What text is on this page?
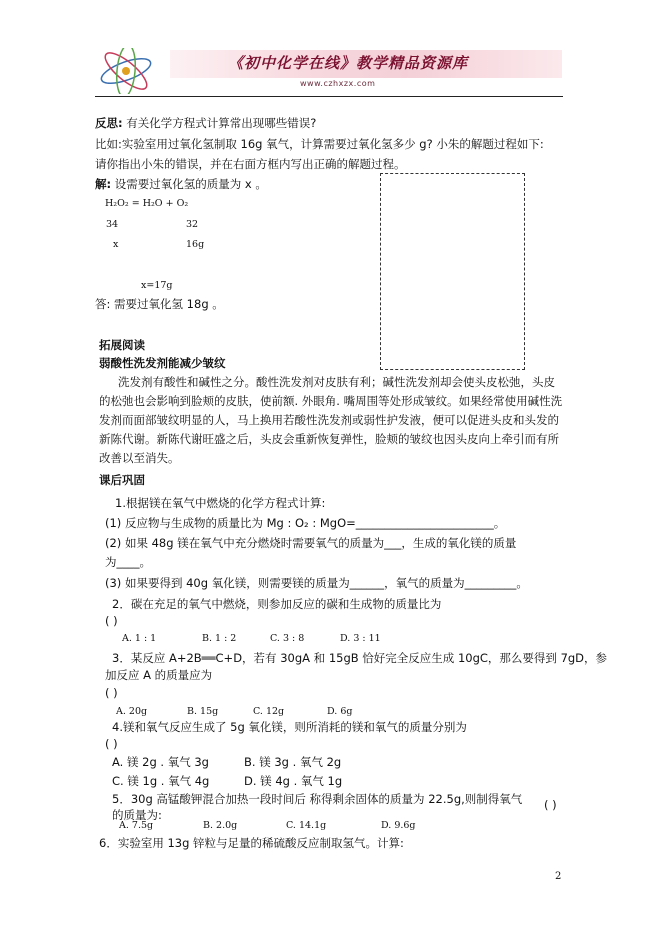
《初中化学在线》教学精品资源库
www.czhxzx.com
反思: 有关化学方程式计算常出现哪些错误?
比如:实验室用过氧化氢制取 16g 氧气，计算需要过氧化氢多少 g? 小朱的解题过程如下:
请你指出小朱的错误，并在右面方框内写出正确的解题过程。
解: 设需要过氧化氢的质量为 x 。
H₂O₂ = H₂O + O₂
34	32
x	16g
x=17g
答: 需要过氧化氢 18g 。
拓展阅读
弱酸性洗发剂能减少皱纹
洗发剂有酸性和碱性之分。酸性洗发剂对皮肤有利；碱性洗发剂却会使头皮松弛，头皮
的松弛也会影响到脸颊的皮肤，使前额. 外眼角. 嘴周围等处形成皱纹。如果经常使用碱性洗
发剂而面部皱纹明显的人，马上换用若酸性洗发剂或弱性护发液，便可以促进头皮和头发的
新陈代谢。新陈代谢旺盛之后，头皮会重新恢复弹性，脸颊的皱纹也因头皮向上牵引而有所
改善以至消失。
课后巩固
1.根据镁在氧气中燃烧的化学方程式计算:
(1) 反应物与生成物的质量比为 Mg : O₂ : MgO=________________________。
(2) 如果 48g 镁在氧气中充分燃烧时需要氧气的质量为___，生成的氧化镁的质量
为____。
(3) 如果要得到 40g 氧化镁，则需要镁的质量为______，氧气的质量为_________。
2．碳在充足的氧气中燃烧，则参加反应的碳和生成物的质量比为
( )
A. 1 : 1	B. 1 : 2	C. 3 : 8	D. 3 : 11
3．某反应 A+2B══C+D，若有 30gA 和 15gB 恰好完全反应生成 10gC，那么要得到 7gD，参
加反应 A 的质量应为
( )
A. 20g	B. 15g	C. 12g	D. 6g
4.镁和氧气反应生成了 5g 氧化镁，则所消耗的镁和氧气的质量分别为
( )
A. 镁 2g . 氧气 3g	B. 镁 3g . 氧气 2g
C. 镁 1g . 氧气 4g	D. 镁 4g . 氧气 1g
5．30g 高锰酸钾混合加热一段时间后 称得剩余固体的质量为 22.5g,则制得氧气
的质量为:
( )
A. 7.5g	B. 2.0g	C. 14.1g	D. 9.6g
6．实验室用 13g 锌粒与足量的稀硫酸反应制取氢气。计算:
2
